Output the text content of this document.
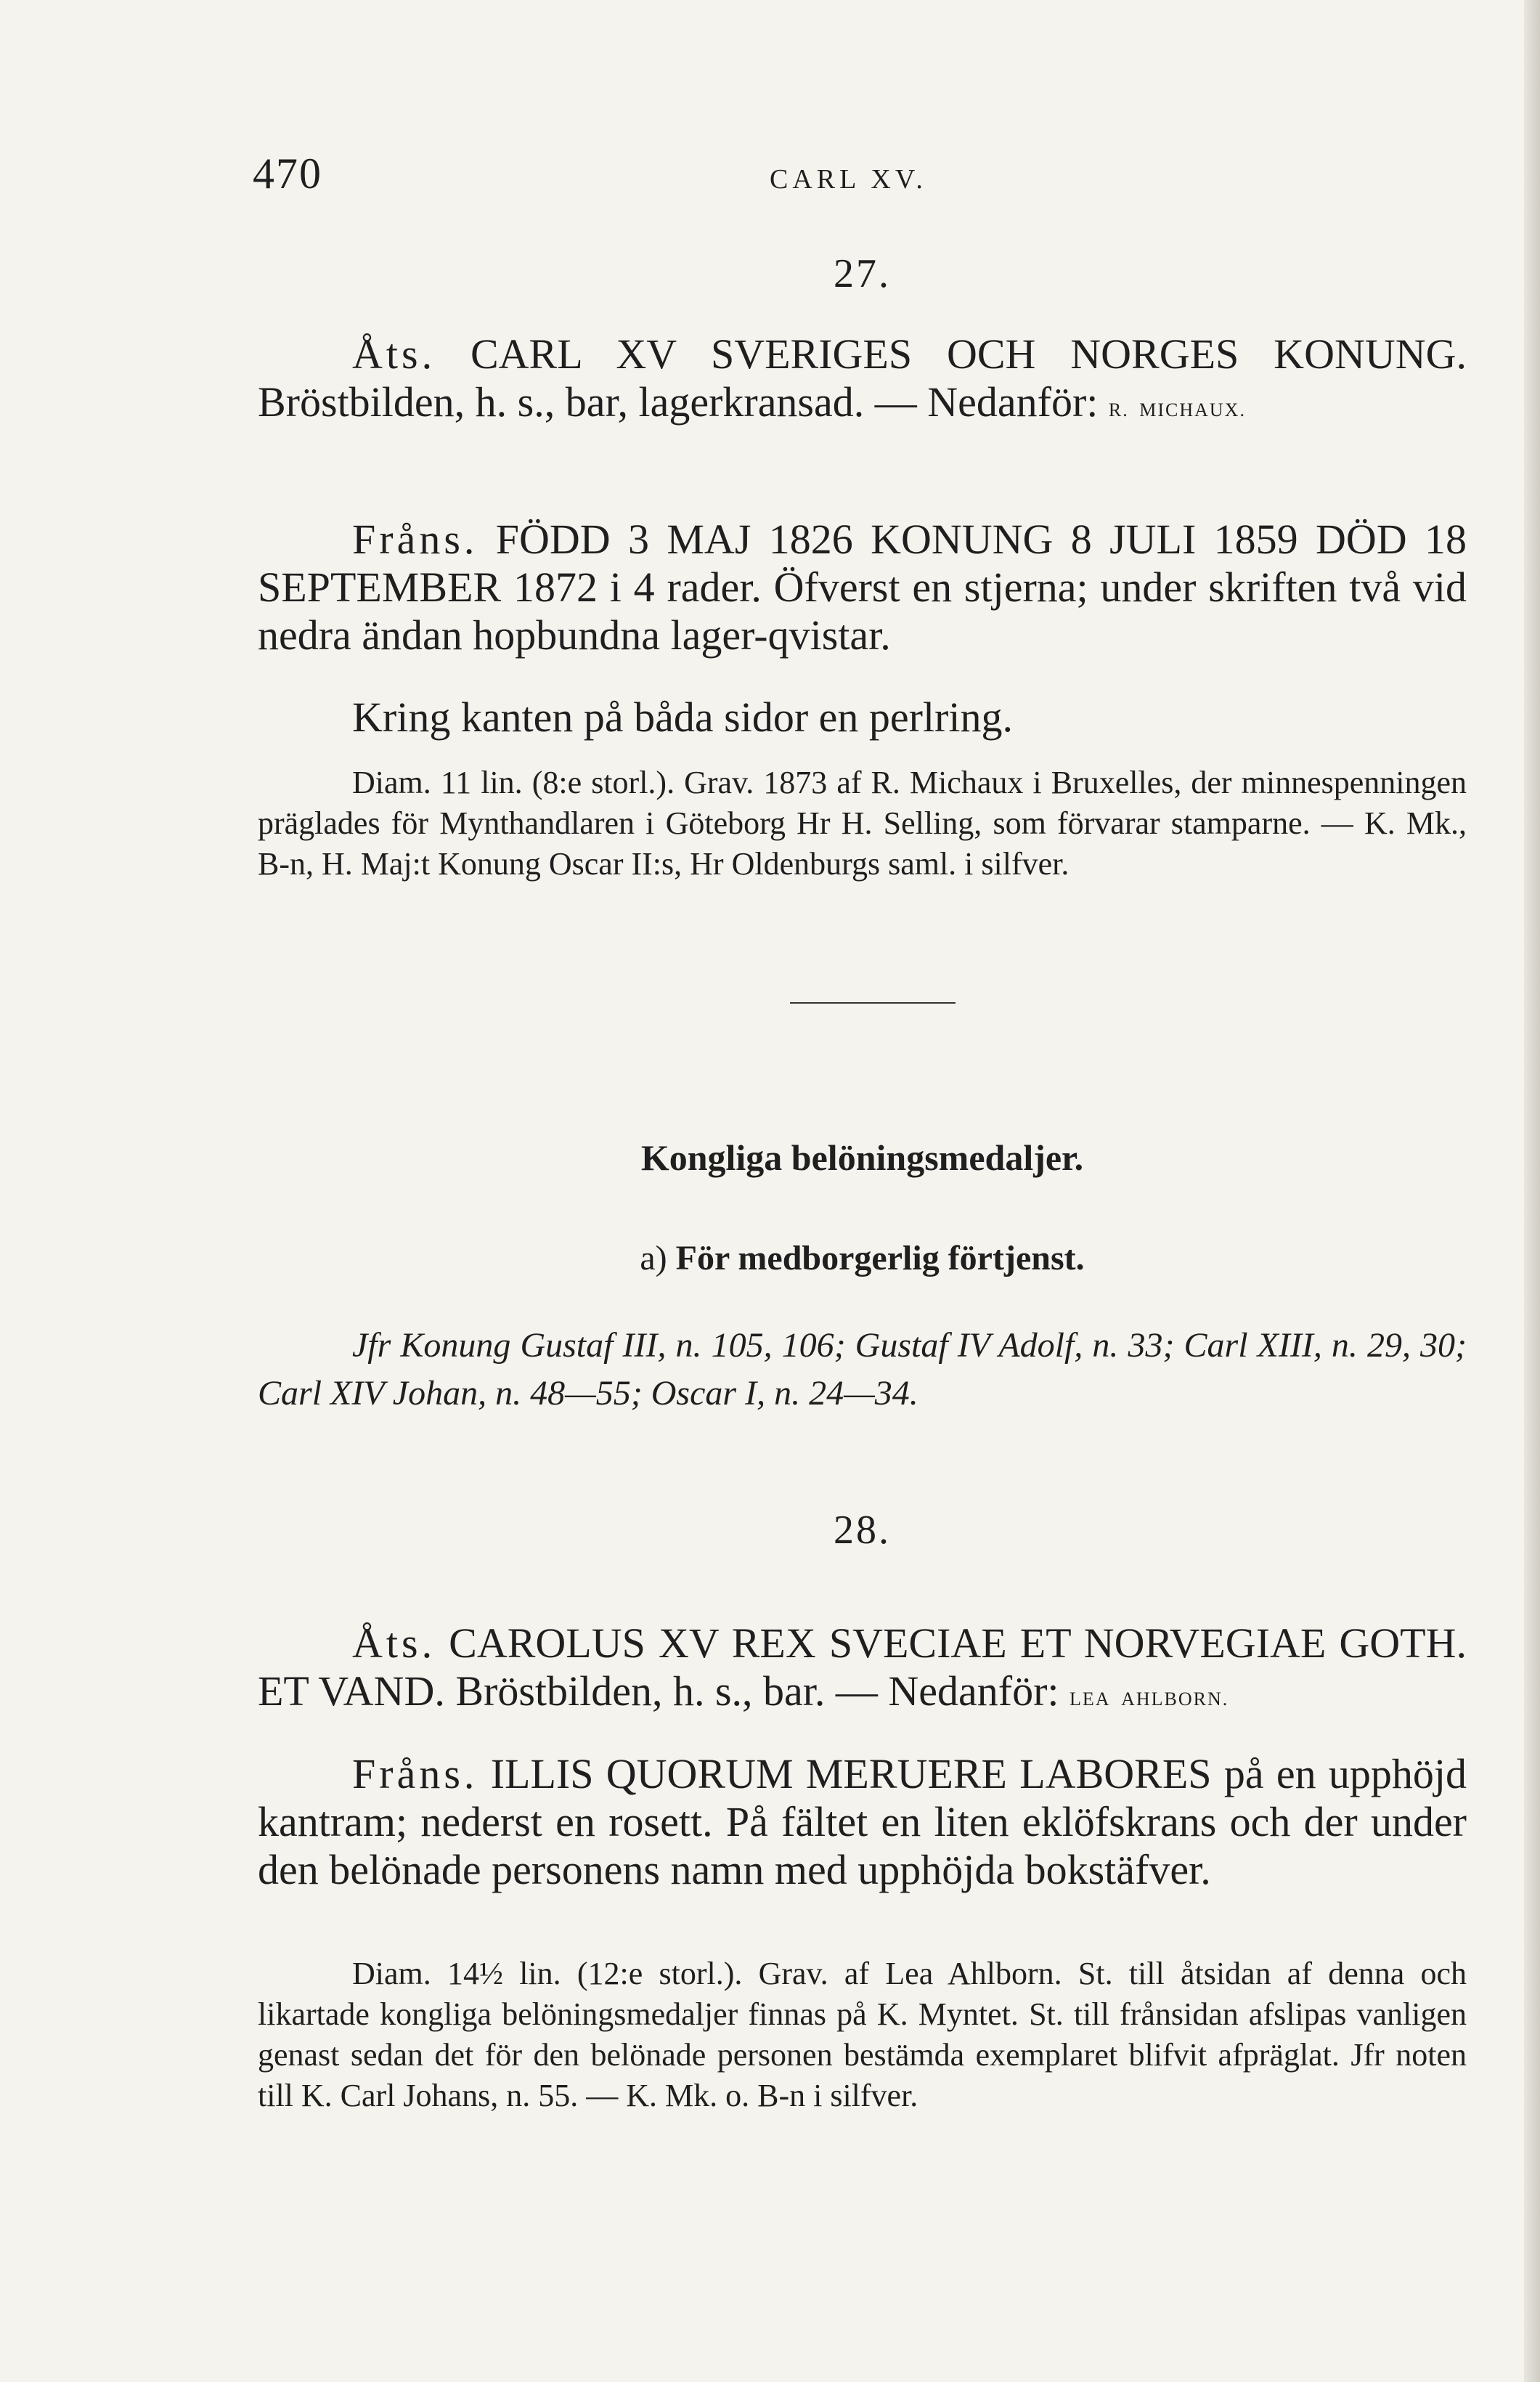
470	CARL XV.
27.
Åts. CARL XV SVERIGES OCH NORGES KONUNG. Bröstbilden, h. s., bar, lagerkransad. — Nedanför: R. MICHAUX.
Fråns. FÖDD 3 MAJ 1826 KONUNG 8 JULI 1859 DÖD 18 SEPTEMBER 1872 i 4 rader. Öfverst en stjerna; under skriften två vid nedra ändan hopbundna lager-qvistar.
Kring kanten på båda sidor en perlring.
Diam. 11 lin. (8:e storl.). Grav. 1873 af R. Michaux i Bruxelles, der minnespenningen präglades för Mynthandlaren i Göteborg Hr H. Selling, som förvarar stamparne. — K. Mk., B-n, H. Maj:t Konung Oscar II:s, Hr Oldenburgs saml. i silfver.
Kongliga belöningsmedaljer.
a) För medborgerlig förtjenst.
Jfr Konung Gustaf III, n. 105, 106; Gustaf IV Adolf, n. 33; Carl XIII, n. 29, 30; Carl XIV Johan, n. 48—55; Oscar I, n. 24—34.
28.
Åts. CAROLUS XV REX SVECIAE ET NORVEGIAE GOTH. ET VAND. Bröstbilden, h. s., bar. — Nedanför: LEA AHLBORN.
Fråns. ILLIS QUORUM MERUERE LABORES på en upphöjd kantram; nederst en rosett. På fältet en liten eklöfskrans och der under den belönade personens namn med upphöjda bokstäfver.
Diam. 14½ lin. (12:e storl.). Grav. af Lea Ahlborn. St. till åtsidan af denna och likartade kongliga belöningsmedaljer finnas på K. Myntet. St. till frånsidan afslipas vanligen genast sedan det för den belönade personen bestämda exemplaret blifvit afpräglat. Jfr noten till K. Carl Johans, n. 55. — K. Mk. o. B-n i silfver.
